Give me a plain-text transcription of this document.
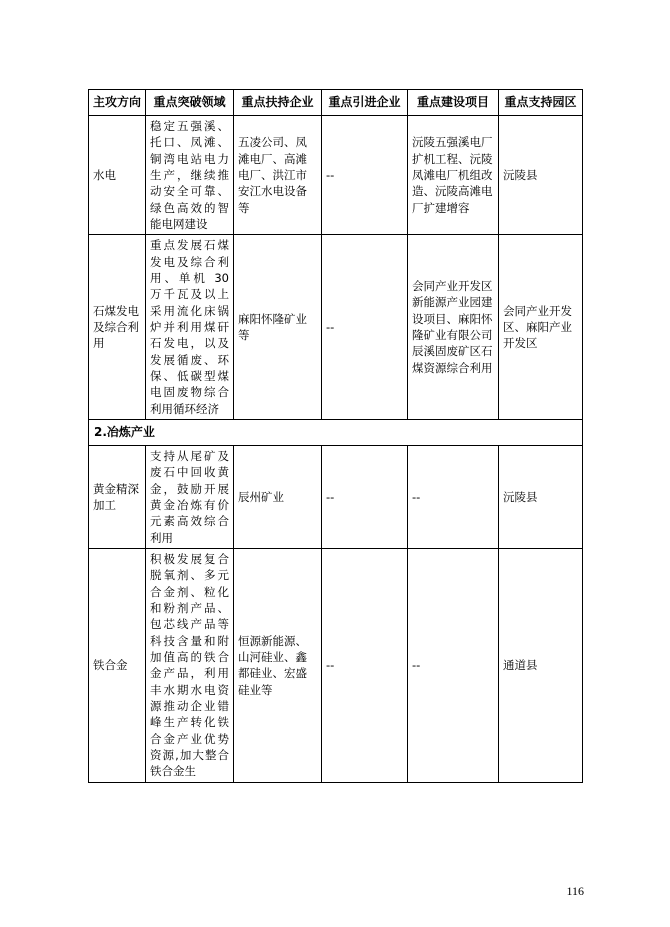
主攻方向	重点突破领域	重点扶持企业	重点引进企业	重点建设项目	重点支持园区
水电	稳定五强溪、托口、凤滩、铜湾电站电力生产，继续推动安全可靠、绿色高效的智能电网建设	五凌公司、凤滩电厂、高滩电厂、洪江市安江水电设备等	--	沅陵五强溪电厂扩机工程、沅陵凤滩电厂机组改造、沅陵高滩电厂扩建增容	沅陵县
石煤发电及综合利用	重点发展石煤发电及综合利用、单机 30 万千瓦及以上采用流化床锅炉并利用煤矸石发电，以及发展循废、环保、低碳型煤电固废物综合利用循环经济	麻阳怀隆矿业等	--	会同产业开发区新能源产业园建设项目、麻阳怀隆矿业有限公司辰溪固废矿区石煤资源综合利用	会同产业开发区、麻阳产业开发区
2.冶炼产业					
黄金精深加工	支持从尾矿及废石中回收黄金，鼓励开展黄金冶炼有价元素高效综合利用	辰州矿业	--	--	沅陵县
铁合金	积极发展复合脱氧剂、多元合金剂、粒化和粉剂产品、包芯线产品等科技含量和附加值高的铁合金产品，利用丰水期水电资源推动企业错峰生产转化铁合金产业优势资源,加大整合铁合金生	恒源新能源、山河硅业、鑫都硅业、宏盛硅业等	--	--	通道县
116
